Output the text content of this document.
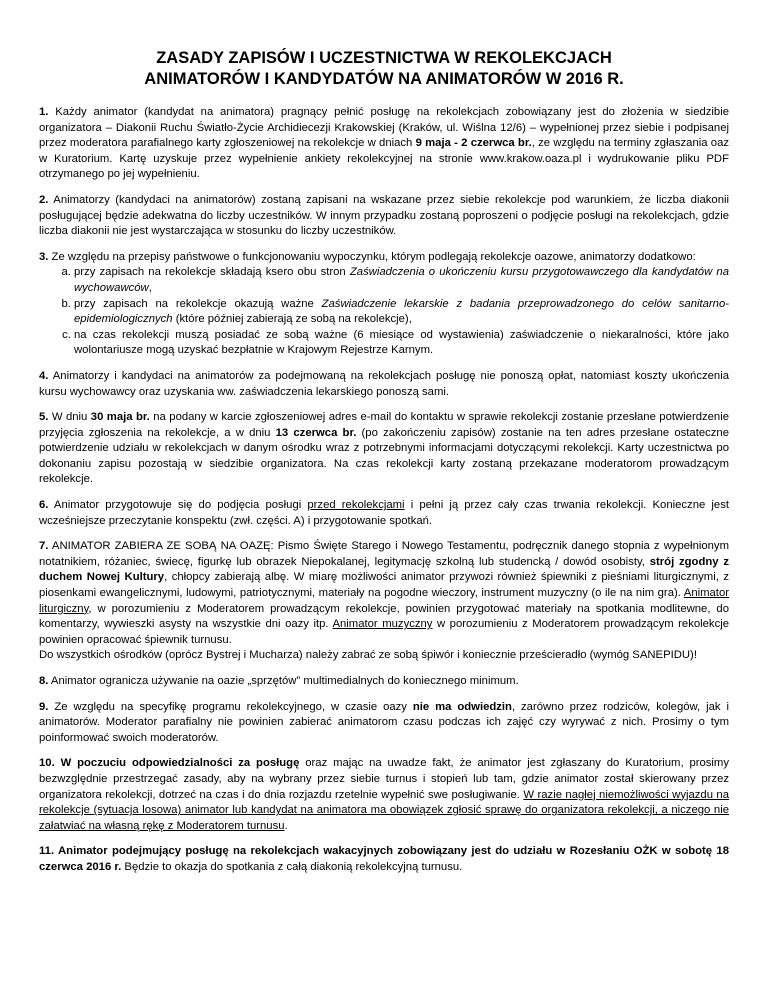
ZASADY ZAPISÓW I UCZESTNICTWA W REKOLEKCJACH
ANIMATORÓW I KANDYDATÓW NA ANIMATORÓW W 2016 R.

1. Każdy animator (kandydat na animatora) pragnący pełnić posługę na rekolekcjach zobowiązany jest do złożenia w siedzibie organizatora – Diakonii Ruchu Światło-Życie Archidiecezji Krakowskiej (Kraków, ul. Wiślna 12/6) – wypełnionej przez siebie i podpisanej przez moderatora parafialnego karty zgłoszeniowej na rekolekcje w dniach 9 maja - 2 czerwca br., ze względu na terminy zgłaszania oaz w Kuratorium. Kartę uzyskuje przez wypełnienie ankiety rekolekcyjnej na stronie www.krakow.oaza.pl i wydrukowanie pliku PDF otrzymanego po jej wypełnieniu.

2. Animatorzy (kandydaci na animatorów) zostaną zapisani na wskazane przez siebie rekolekcje pod warunkiem, że liczba diakonii posługującej będzie adekwatna do liczby uczestników. W innym przypadku zostaną poproszeni o podjęcie posługi na rekolekcjach, gdzie liczba diakonii nie jest wystarczająca w stosunku do liczby uczestników.

3. Ze względu na przepisy państwowe o funkcjonowaniu wypoczynku, którym podlegają rekolekcje oazowe, animatorzy dodatkowo:
a. przy zapisach na rekolekcje składają ksero obu stron Zaświadczenia o ukończeniu kursu przygotowawczego dla kandydatów na wychowawców,
b. przy zapisach na rekolekcje okazują ważne Zaświadczenie lekarskie z badania przeprowadzonego do celów sanitarno-epidemiologicznych (które później zabierają ze sobą na rekolekcje),
c. na czas rekolekcji muszą posiadać ze sobą ważne (6 miesiące od wystawienia) zaświadczenie o niekaralności, które jako wolontariusze mogą uzyskać bezpłatnie w Krajowym Rejestrze Karnym.

4. Animatorzy i kandydaci na animatorów za podejmowaną na rekolekcjach posługę nie ponoszą opłat, natomiast koszty ukończenia kursu wychowawcy oraz uzyskania ww. zaświadczenia lekarskiego ponoszą sami.

5. W dniu 30 maja br. na podany w karcie zgłoszeniowej adres e-mail do kontaktu w sprawie rekolekcji zostanie przesłane potwierdzenie przyjęcia zgłoszenia na rekolekcje, a w dniu 13 czerwca br. (po zakończeniu zapisów) zostanie na ten adres przesłane ostateczne potwierdzenie udziału w rekolekcjach w danym ośrodku wraz z potrzebnymi informacjami dotyczącymi rekolekcji. Karty uczestnictwa po dokonaniu zapisu pozostają w siedzibie organizatora. Na czas rekolekcji karty zostaną przekazane moderatorom prowadzącym rekolekcje.

6. Animator przygotowuje się do podjęcia posługi przed rekolekcjami i pełni ją przez cały czas trwania rekolekcji. Konieczne jest wcześniejsze przeczytanie konspektu (zwł. części. A) i przygotowanie spotkań.

7. ANIMATOR ZABIERA ZE SOBĄ NA OAZĘ: Pismo Święte Starego i Nowego Testamentu, podręcznik danego stopnia z wypełnionym notatnikiem, różaniec, świecę, figurkę lub obrazek Niepokalanej, legitymację szkolną lub studencką / dowód osobisty, strój zgodny z duchem Nowej Kultury, chłopcy zabierają albę. W miarę możliwości animator przywozi również śpiewniki z pieśniami liturgicznymi, z piosenkami ewangelicznymi, ludowymi, patriotycznymi, materiały na pogodne wieczory, instrument muzyczny (o ile na nim gra). Animator liturgiczny, w porozumieniu z Moderatorem prowadzącym rekolekcje, powinien przygotować materiały na spotkania modlitewne, do komentarzy, wywieszki asysty na wszystkie dni oazy itp. Animator muzyczny w porozumieniu z Moderatorem prowadzącym rekolekcje powinien opracować śpiewnik turnusu.
Do wszystkich ośrodków (oprócz Bystrej i Mucharza) należy zabrać ze sobą śpiwór i koniecznie prześcieradło (wymóg SANEPIDU)!

8. Animator ogranicza używanie na oazie „sprzętów” multimedialnych do koniecznego minimum.

9. Ze względu na specyfikę programu rekolekcyjnego, w czasie oazy nie ma odwiedzin, zarówno przez rodziców, kolegów, jak i animatorów. Moderator parafialny nie powinien zabierać animatorom czasu podczas ich zajęć czy wyrywać z nich. Prosimy o tym poinformować swoich moderatorów.

10. W poczuciu odpowiedzialności za posługę oraz mając na uwadze fakt, że animator jest zgłaszany do Kuratorium, prosimy bezwzględnie przestrzegać zasady, aby na wybrany przez siebie turnus i stopień lub tam, gdzie animator został skierowany przez organizatora rekolekcji, dotrzeć na czas i do dnia rozjazdu rzetelnie wypełnić swe posługiwanie. W razie nagłej niemożliwości wyjazdu na rekolekcje (sytuacja losowa) animator lub kandydat na animatora ma obowiązek zgłosić sprawę do organizatora rekolekcji, a niczego nie załatwiać na własną rękę z Moderatorem turnusu.

11. Animator podejmujący posługę na rekolekcjach wakacyjnych zobowiązany jest do udziału w Rozesłaniu OŻK w sobotę 18 czerwca 2016 r. Będzie to okazja do spotkania z całą diakonią rekolekcyjną turnusu.
